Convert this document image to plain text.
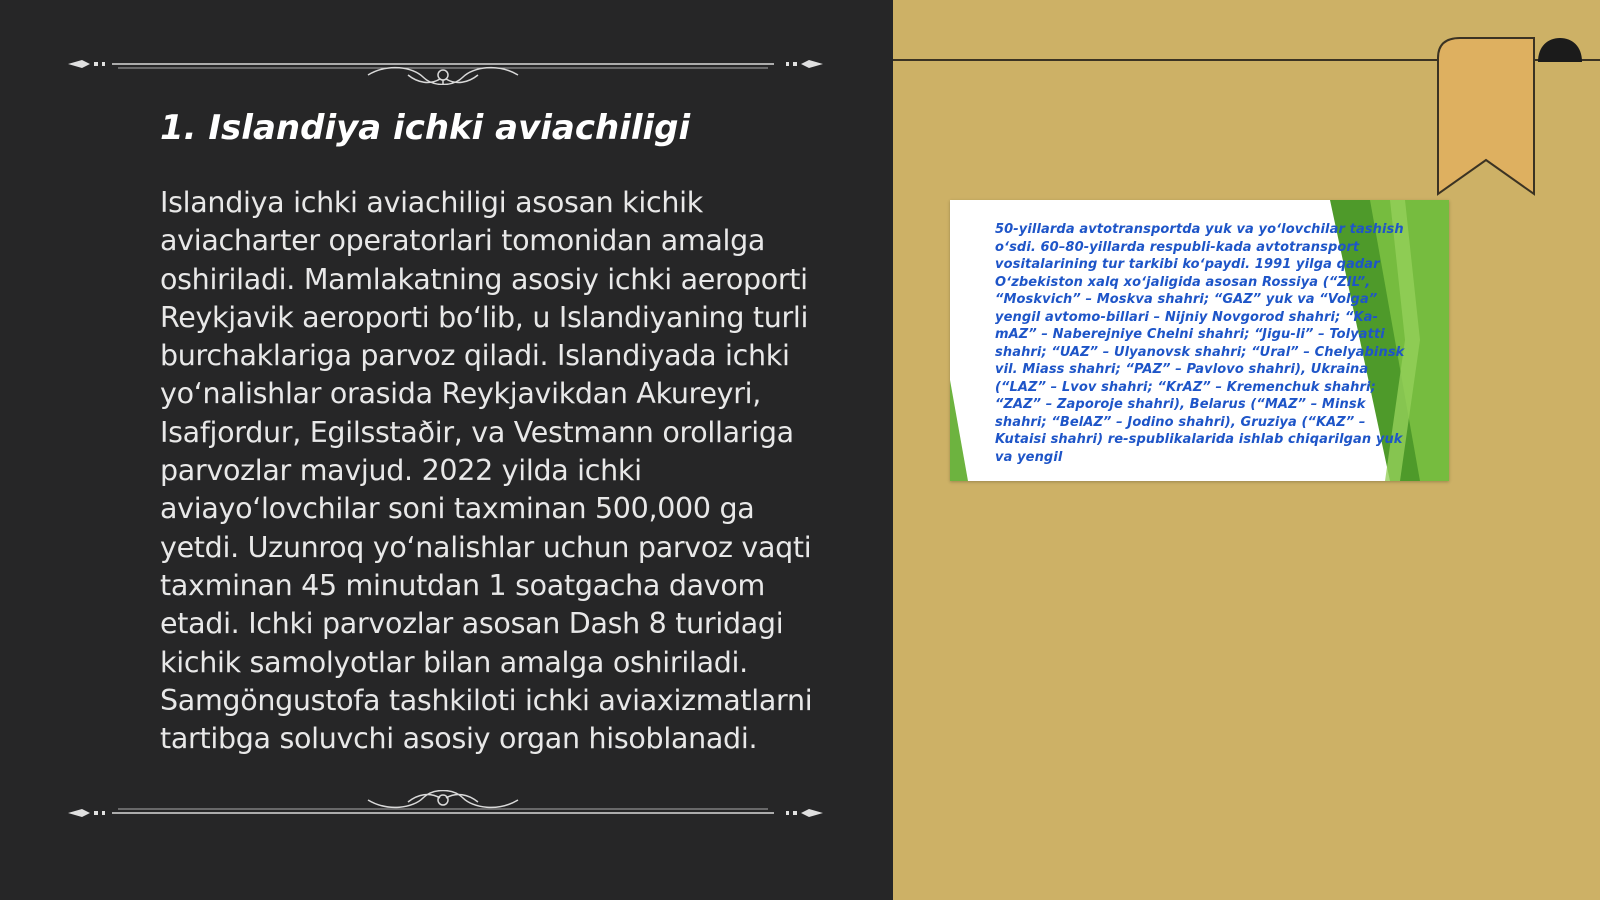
1. Islandiya ichki aviachiligi

Islandiya ichki aviachiligi asosan kichik aviacharter operatorlari tomonidan amalga oshiriladi. Mamlakatning asosiy ichki aeroporti Reykjavik aeroporti boʻlib, u Islandiyaning turli burchaklariga parvoz qiladi. Islandiyada ichki yoʻnalishlar orasida Reykjavikdan Akureyri, Isafjordur, Egilsstaðir, va Vestmann orollariga parvozlar mavjud. 2022 yilda ichki aviayoʻlovchilar soni taxminan 500,000 ga yetdi. Uzunroq yoʻnalishlar uchun parvoz vaqti taxminan 45 minutdan 1 soatgacha davom etadi. Ichki parvozlar asosan Dash 8 turidagi kichik samolyotlar bilan amalga oshiriladi. Samgöngustofa tashkiloti ichki aviaxizmatlarni tartibga soluvchi asosiy organ hisoblanadi.

50-yillarda avtotransportda yuk va yoʻlovchilar tashish oʻsdi. 60–80-yillarda respubli-kada avtotransport vositalarining tur tarkibi koʻpaydi. 1991 yilga qadar Oʻzbekiston xalq xoʻjaligida asosan Rossiya (“ZIL”, “Moskvich” – Moskva shahri; “GAZ” yuk va “Volga” yengil avtomo-billari – Nijniy Novgorod shahri; “Ka-mAZ” – Naberejniye Chelni shahri; “Jigu-li” – Tolyatti shahri; “UAZ” – Ulyanovsk shahri; “Ural” – Chelyabinsk vil. Miass shahri; “PAZ” – Pavlovo shahri), Ukraina (“LAZ” – Lvov shahri; “KrAZ” – Kremenchuk shahri; “ZAZ” – Zaporoje shahri), Belarus (“MAZ” – Minsk shahri; “BelAZ” – Jodino shahri), Gruziya (“KAZ” – Kutaisi shahri) re-spublikalarida ishlab chiqarilgan yuk va yengil
